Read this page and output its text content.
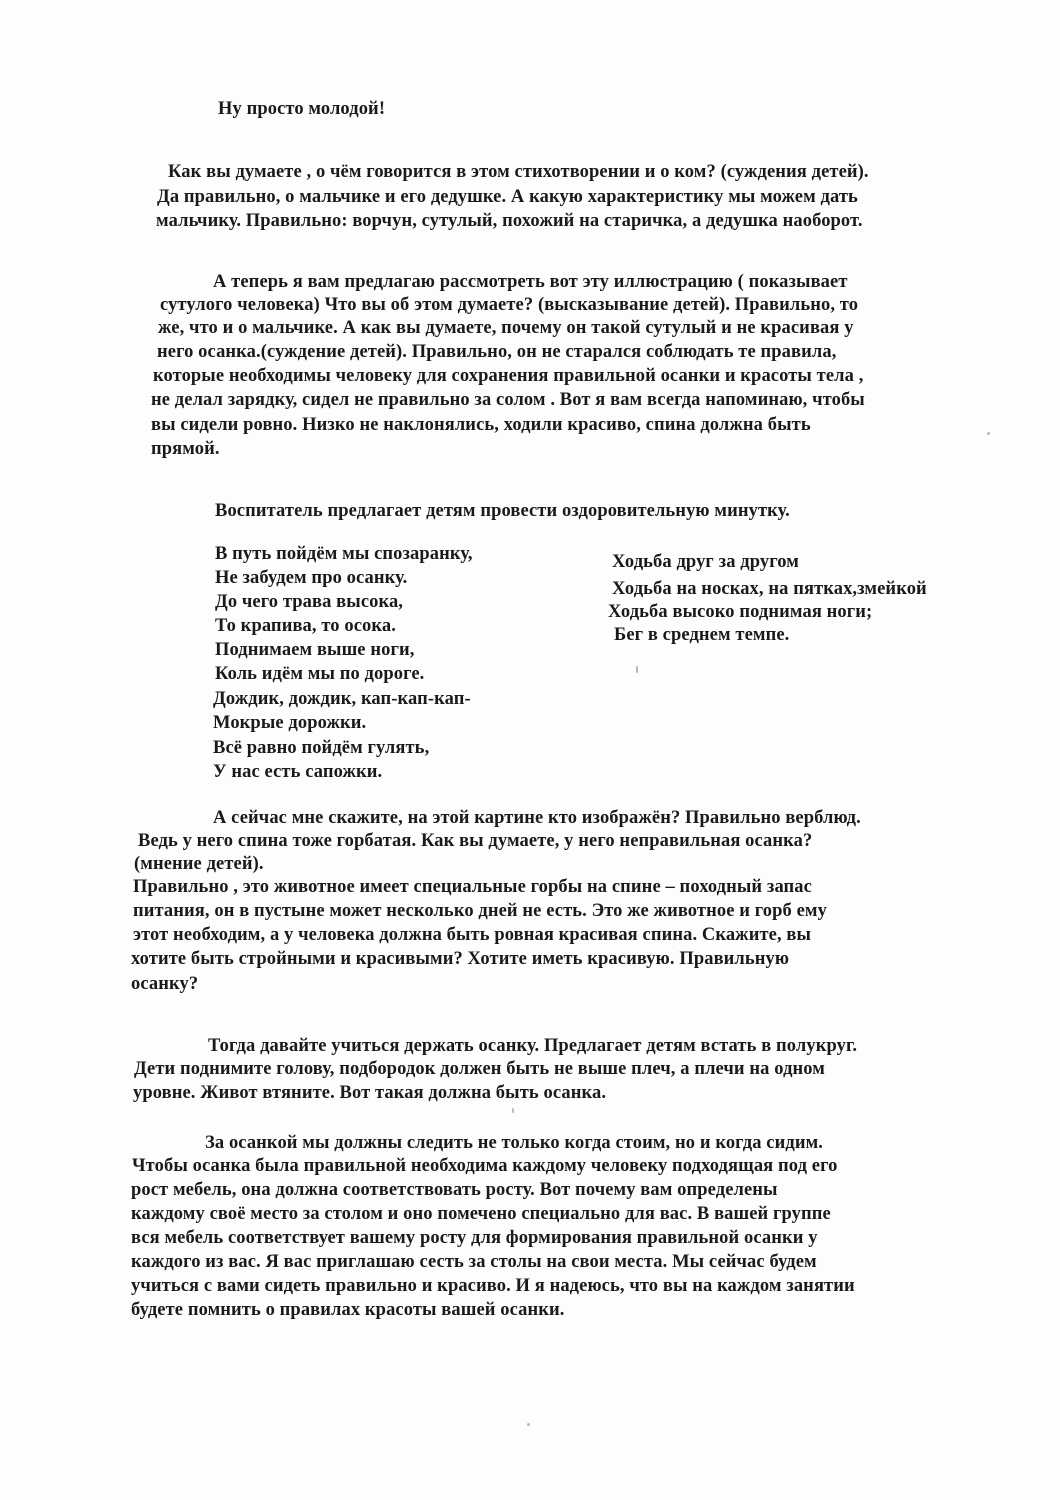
Ну просто молодой!
Как вы думаете , о чём говорится в этом стихотворении и о ком? (суждения детей).
Да правильно, о мальчике и его дедушке. А какую характеристику мы можем дать
мальчику. Правильно: ворчун, сутулый, похожий на старичка, а дедушка наоборот.
А теперь я вам предлагаю рассмотреть вот эту иллюстрацию ( показывает
сутулого человека) Что вы об этом думаете? (высказывание детей). Правильно, то
же, что и о мальчике. А как вы думаете, почему он такой сутулый и не красивая у
него осанка.(суждение детей). Правильно, он не старался соблюдать те правила,
которые необходимы человеку для сохранения правильной осанки и красоты тела ,
не делал зарядку, сидел не правильно за солом . Вот я вам всегда напоминаю, чтобы
вы сидели ровно. Низко не наклонялись, ходили красиво, спина должна быть
прямой.
Воспитатель предлагает детям провести оздоровительную минутку.
В путь пойдём мы спозаранку,
Не забудем про осанку.
До чего трава высока,
То крапива, то осока.
Поднимаем выше ноги,
Коль идём мы по дороге.
Дождик, дождик, кап-кап-кап-
Мокрые дорожки.
Всё равно пойдём гулять,
У нас есть сапожки.
Ходьба друг за другом
Ходьба на носках, на пятках,змейкой
Ходьба высоко поднимая ноги;
Бег в среднем темпе.
А сейчас мне скажите, на этой картине кто изображён? Правильно верблюд.
Ведь у него спина тоже горбатая. Как вы думаете, у него неправильная осанка?
(мнение детей).
Правильно , это животное имеет специальные горбы на спине – походный запас
питания, он в пустыне может несколько дней не есть. Это же животное и горб ему
этот необходим, а у человека должна быть ровная красивая спина. Скажите, вы
хотите быть стройными и красивыми? Хотите иметь красивую. Правильную
осанку?
Тогда давайте учиться держать осанку. Предлагает детям встать в полукруг.
Дети поднимите голову, подбородок должен быть не выше плеч, а плечи на одном
уровне. Живот втяните. Вот такая должна быть осанка.
За осанкой мы должны следить не только когда стоим, но и когда сидим.
Чтобы осанка была правильной необходима каждому человеку подходящая под его
рост мебель, она должна соответствовать росту. Вот почему вам определены
каждому своё место за столом и оно помечено специально для вас. В вашей группе
вся мебель соответствует вашему росту для формирования правильной осанки у
каждого из вас. Я вас приглашаю сесть за столы на свои места. Мы сейчас будем
учиться с вами сидеть правильно и красиво. И я надеюсь, что вы на каждом занятии
будете помнить о правилах красоты вашей осанки.
